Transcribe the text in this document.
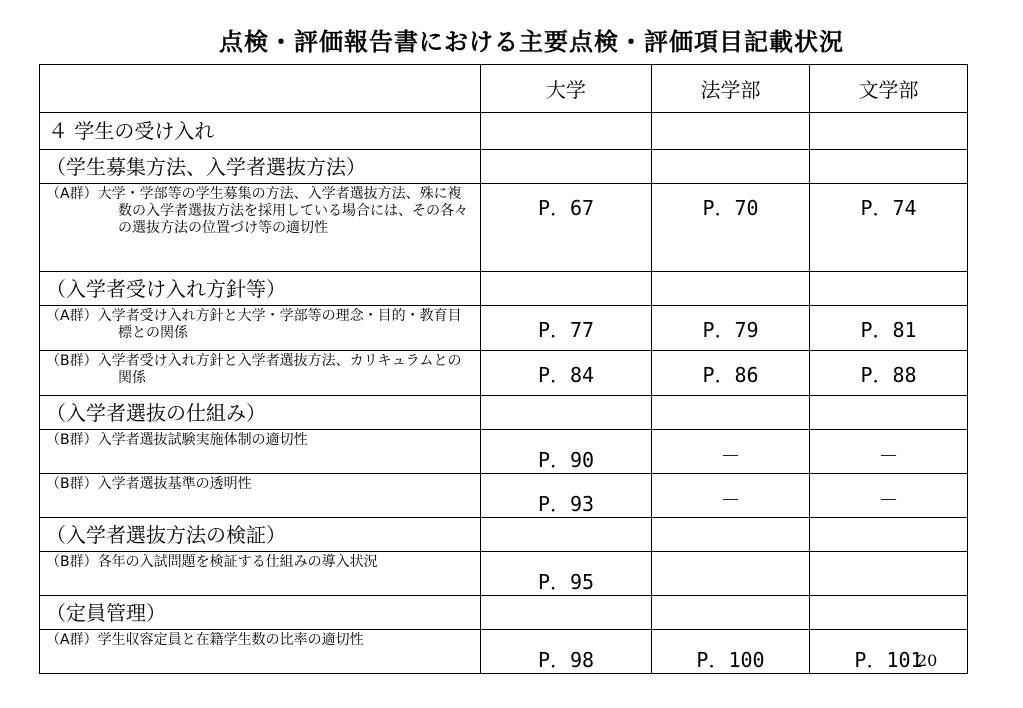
点検・評価報告書における主要点検・評価項目記載状況
	大学	法学部	文学部

４ 学生の受け入れ			

（学生募集方法、入学者選抜方法）			

（A群）大学・学部等の学生募集の方法、入学者選抜方法、殊に複数の入学者選抜方法を採用している場合には、その各々の選抜方法の位置づけ等の適切性	P．67	P．70	P．74

（入学者受け入れ方針等）			

（A群）入学者受け入れ方針と大学・学部等の理念・目的・教育目標との関係	P．77	P．79	P．81

（B群）入学者受け入れ方針と入学者選抜方法、カリキュラムとの関係	P．84	P．86	P．88

（入学者選抜の仕組み）			

（B群）入学者選抜試験実施体制の適切性	P．90	－	－

（B群）入学者選抜基準の透明性	P．93	－	－

（入学者選抜方法の検証）			

（B群）各年の入試問題を検証する仕組みの導入状況	P．95		

（定員管理）			

（A群）学生収容定員と在籍学生数の比率の適切性	P．98	P．100	P．101
20
